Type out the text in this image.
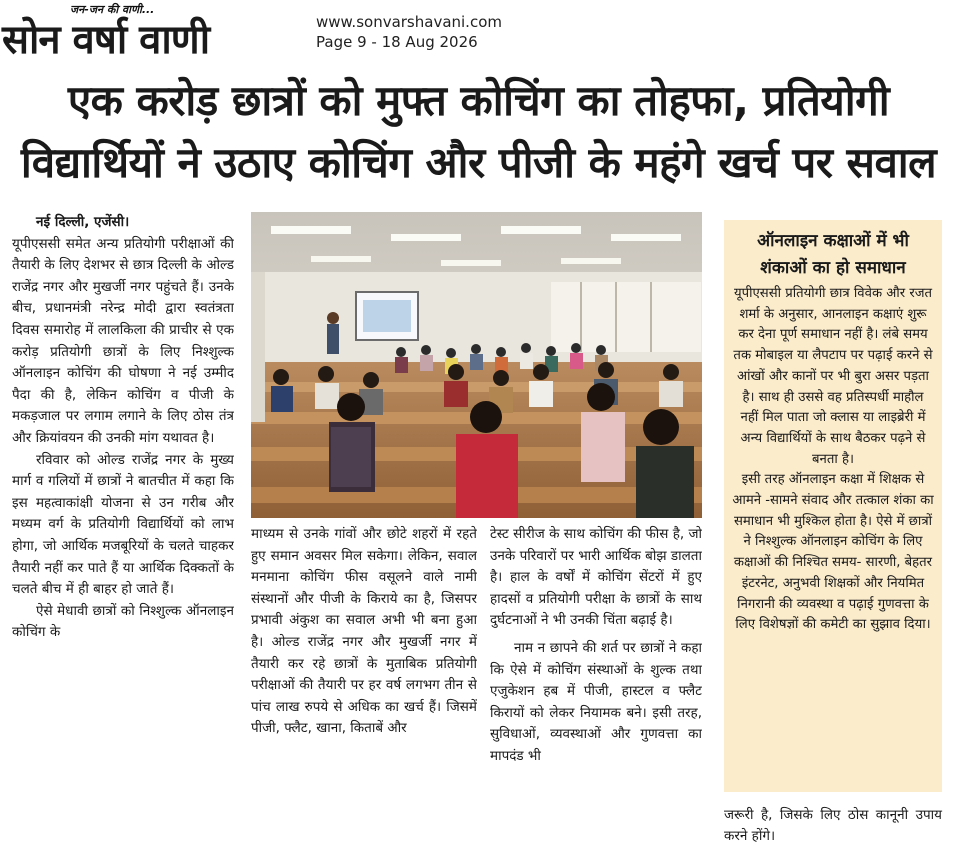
जन-जन की वाणी...
सोन वर्षा वाणी	www.sonvarshavani.com
Page 9 - 18 Aug 2026
एक करोड़ छात्रों को मुफ्त कोचिंग का तोहफा, प्रतियोगी
विद्यार्थियों ने उठाए कोचिंग और पीजी के महंगे खर्च पर सवाल

नई दिल्ली, एजेंसी।

यूपीएससी समेत अन्य प्रतियोगी परीक्षाओं की तैयारी के लिए देशभर से छात्र दिल्ली के ओल्ड राजेंद्र नगर और मुखर्जी नगर पहुंचते हैं। उनके बीच, प्रधानमंत्री नरेन्द्र मोदी द्वारा स्वतंत्रता दिवस समारोह में लालकिला की प्राचीर से एक करोड़ प्रतियोगी छात्रों के लिए निश्शुल्क ऑनलाइन कोचिंग की घोषणा ने नई उम्मीद पैदा की है, लेकिन कोचिंग व पीजी के मकड़जाल पर लगाम लगाने के लिए ठोस तंत्र और क्रियांवयन की उनकी मांग यथावत है।

रविवार को ओल्ड राजेंद्र नगर के मुख्य मार्ग व गलियों में छात्रों ने बातचीत में कहा कि इस महत्वाकांक्षी योजना से उन गरीब और मध्यम वर्ग के प्रतियोगी विद्यार्थियों को लाभ होगा, जो आर्थिक मजबूरियों के चलते चाहकर तैयारी नहीं कर पाते हैं या आर्थिक दिक्कतों के चलते बीच में ही बाहर हो जाते हैं।

ऐसे मेधावी छात्रों को निश्शुल्क ऑनलाइन कोचिंग के

माध्यम से उनके गांवों और छोटे शहरों में रहते हुए समान अवसर मिल सकेगा। लेकिन, सवाल मनमाना कोचिंग फीस वसूलने वाले नामी संस्थानों और पीजी के किराये का है, जिसपर प्रभावी अंकुश का सवाल अभी भी बना हुआ है। ओल्ड राजेंद्र नगर और मुखर्जी नगर में तैयारी कर रहे छात्रों के मुताबिक प्रतियोगी परीक्षाओं की तैयारी पर हर वर्ष लगभग तीन से पांच लाख रुपये से अधिक का खर्च हैं। जिसमें पीजी, फ्लैट, खाना, किताबें और

टेस्ट सीरीज के साथ कोचिंग की फीस है, जो उनके परिवारों पर भारी आर्थिक बोझ डालता है। हाल के वर्षों में कोचिंग सेंटरों में हुए हादसों व प्रतियोगी परीक्षा के छात्रों के साथ दुर्घटनाओं ने भी उनकी चिंता बढ़ाई है।

नाम न छापने की शर्त पर छात्रों ने कहा कि ऐसे में कोचिंग संस्थाओं के शुल्क तथा एजुकेशन हब में पीजी, हास्टल व फ्लैट किरायों को लेकर नियामक बने। इसी तरह, सुविधाओं, व्यवस्थाओं और गुणवत्ता का मापदंड भी

ऑनलाइन कक्षाओं में भी शंकाओं का हो समाधान

यूपीएससी प्रतियोगी छात्र विवेक और रजत शर्मा के अनुसार, आनलाइन कक्षाएं शुरू कर देना पूर्ण समाधान नहीं है। लंबे समय तक मोबाइल या लैपटाप पर पढ़ाई करने से आंखों और कानों पर भी बुरा असर पड़ता है। साथ ही उससे वह प्रतिस्पर्धी माहौल नहीं मिल पाता जो क्लास या लाइब्रेरी में अन्य विद्यार्थियों के साथ बैठकर पढ़ने से बनता है।

इसी तरह ऑनलाइन कक्षा में शिक्षक से आमने -सामने संवाद और तत्काल शंका का समाधान भी मुश्किल होता है। ऐसे में छात्रों ने निश्शुल्क ऑनलाइन कोचिंग के लिए कक्षाओं की निश्चित समय- सारणी, बेहतर इंटरनेट, अनुभवी शिक्षकों और नियमित निगरानी की व्यवस्था व पढ़ाई गुणवत्ता के लिए विशेषज्ञों की कमेटी का सुझाव दिया।

जरूरी है, जिसके लिए ठोस कानूनी उपाय करने होंगे।
